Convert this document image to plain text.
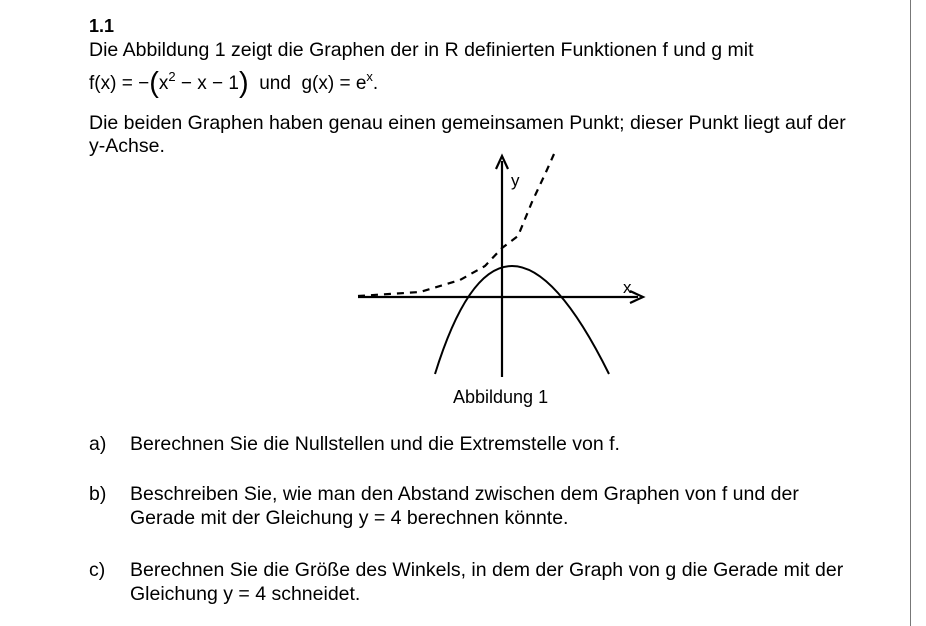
1.1
Die Abbildung 1 zeigt die Graphen der in R definierten Funktionen f und g mit
$f(x) = -(x^2 - x - 1)$ und $g(x) = e^x$.
Die beiden Graphen haben genau einen gemeinsamen Punkt; dieser Punkt liegt auf der
y-Achse.
y
x
Abbildung 1
a) Berechnen Sie die Nullstellen und die Extremstelle von f.
b) Beschreiben Sie, wie man den Abstand zwischen dem Graphen von f und der
Gerade mit der Gleichung y = 4 berechnen könnte.
c) Berechnen Sie die Größe des Winkels, in dem der Graph von g die Gerade mit der
Gleichung y = 4 schneidet.
